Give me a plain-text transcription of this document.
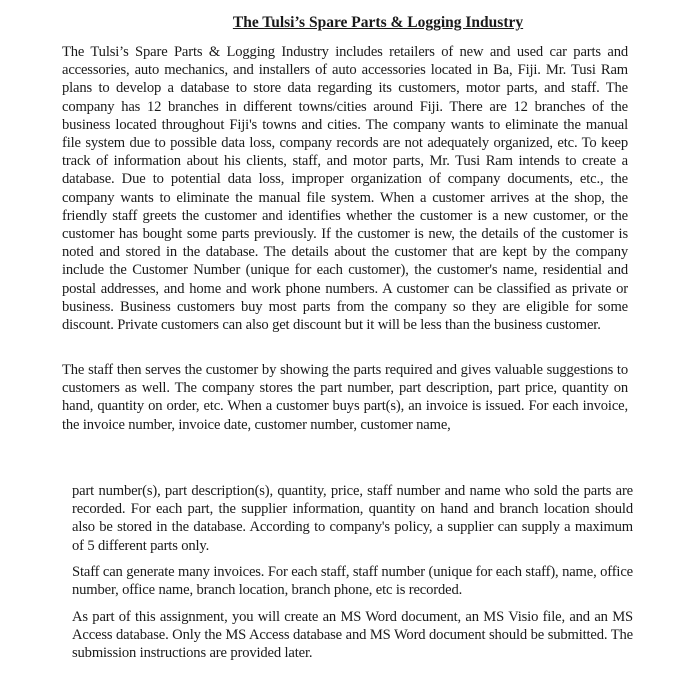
The Tulsi’s Spare Parts & Logging Industry

The Tulsi’s Spare Parts & Logging Industry includes retailers of new and used car parts and accessories, auto mechanics, and installers of auto accessories located in Ba, Fiji. Mr. Tusi Ram plans to develop a database to store data regarding its customers, motor parts, and staff. The company has 12 branches in different towns/cities around Fiji. There are 12 branches of the business located throughout Fiji's towns and cities. The company wants to eliminate the manual file system due to possible data loss, company records are not adequately organized, etc. To keep track of information about his clients, staff, and motor parts, Mr. Tusi Ram intends to create a database. Due to potential data loss, improper organization of company documents, etc., the company wants to eliminate the manual file system. When a customer arrives at the shop, the friendly staff greets the customer and identifies whether the customer is a new customer, or the customer has bought some parts previously. If the customer is new, the details of the customer is noted and stored in the database. The details about the customer that are kept by the company include the Customer Number (unique for each customer), the customer's name, residential and postal addresses, and home and work phone numbers. A customer can be classified as private or business. Business customers buy most parts from the company so they are eligible for some discount. Private customers can also get discount but it will be less than the business customer.

The staff then serves the customer by showing the parts required and gives valuable suggestions to customers as well. The company stores the part number, part description, part price, quantity on hand, quantity on order, etc. When a customer buys part(s), an invoice is issued. For each invoice, the invoice number, invoice date, customer number, customer name,

part number(s), part description(s), quantity, price, staff number and name who sold the parts are recorded. For each part, the supplier information, quantity on hand and branch location should also be stored in the database. According to company's policy, a supplier can supply a maximum of 5 different parts only.

Staff can generate many invoices. For each staff, staff number (unique for each staff), name, office number, office name, branch location, branch phone, etc is recorded.

As part of this assignment, you will create an MS Word document, an MS Visio file, and an MS Access database. Only the MS Access database and MS Word document should be submitted. The submission instructions are provided later.
